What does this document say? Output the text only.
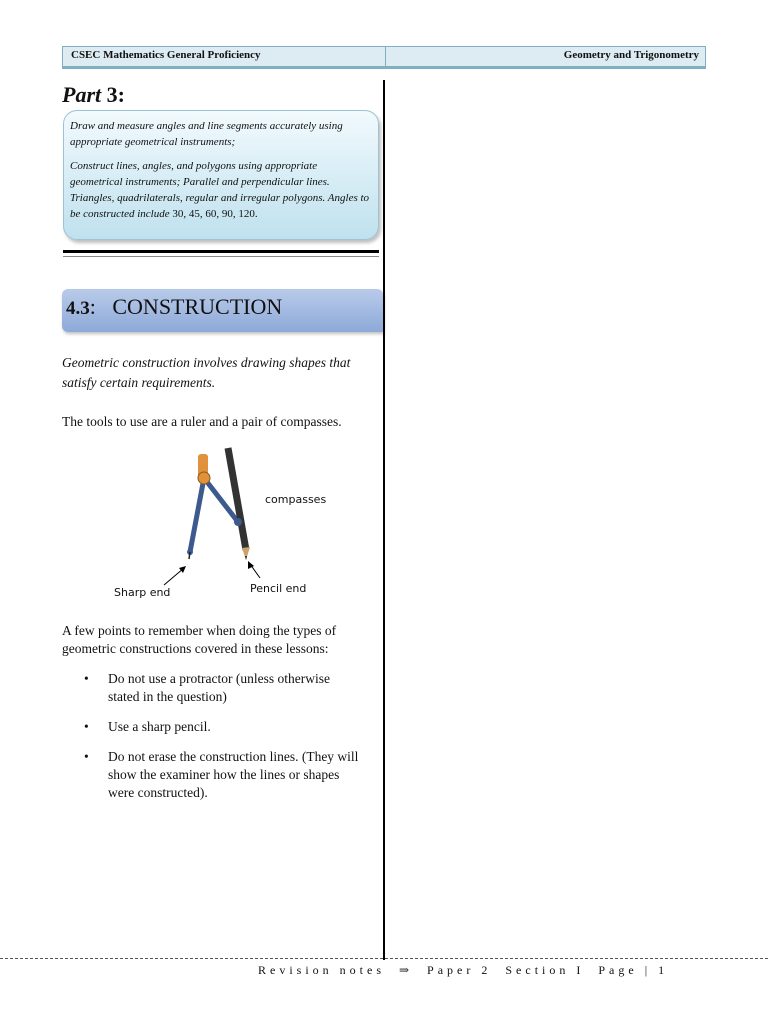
CSEC Mathematics General Proficiency	Geometry and Trigonometry
Part 3:

Draw and measure angles and line segments accurately using appropriate geometrical instruments;

Construct lines, angles, and polygons using appropriate geometrical instruments; Parallel and perpendicular lines. Triangles, quadrilaterals, regular and irregular polygons. Angles to be constructed include 30, 45, 60, 90, 120.

4.3: CONSTRUCTION
Geometric construction involves drawing shapes that satisfy certain requirements.
The tools to use are a ruler and a pair of compasses.
compasses
Sharp end	Pencil end
A few points to remember when doing the types of geometric constructions covered in these lessons:
• Do not use a protractor (unless otherwise stated in the question)
• Use a sharp pencil.
• Do not erase the construction lines. (They will show the examiner how the lines or shapes were constructed).
Revision notes  ⇒  Paper 2  Section I  Page | 1
